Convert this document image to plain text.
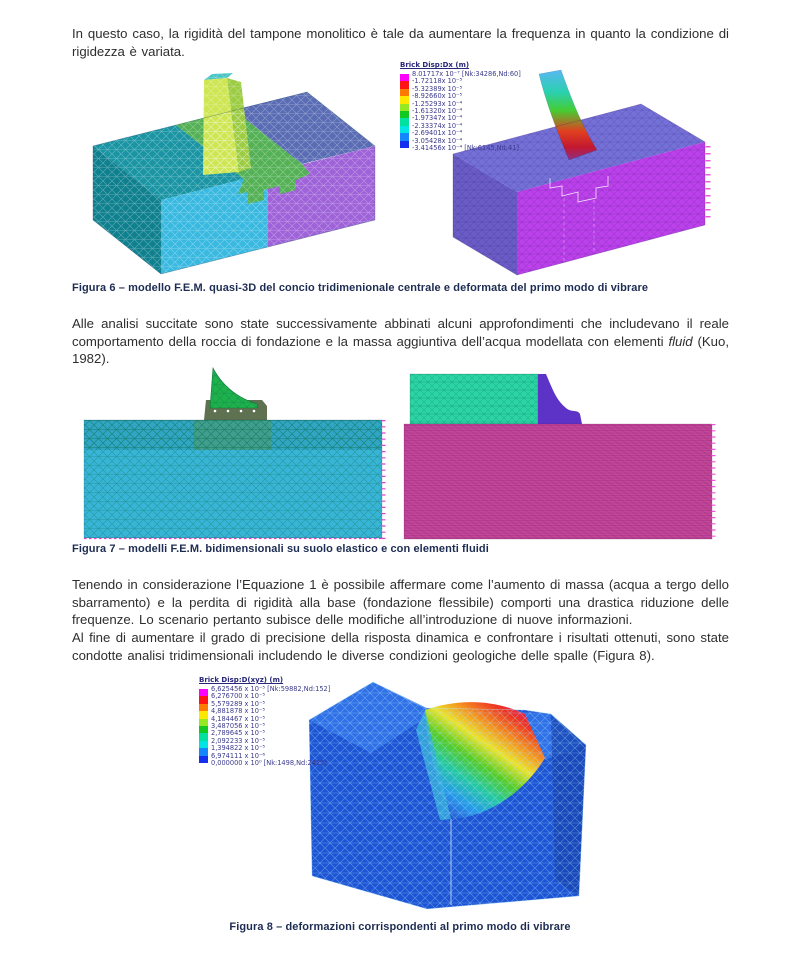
In questo caso, la rigidità del tampone monolitico è tale da aumentare la frequenza in quanto la condizione di rigidezza è variata.

Brick Disp:Dx (m)
8.01717x 10⁻⁷ [Nk:34286,Nd:60]
-1.72118x 10⁻⁵
-5.32389x 10⁻⁵
-8.92660x 10⁻⁵
-1.25293x 10⁻⁴
-1.61320x 10⁻⁴
-1.97347x 10⁻⁴
-2.33374x 10⁻⁴
-2.69401x 10⁻⁴
-3.05428x 10⁻⁴
-3.41456x 10⁻⁴ [Nk:6145,Nd:41]

Figura 6 – modello F.E.M. quasi-3D del concio tridimenionale centrale e deformata del primo modo di vibrare

Alle analisi succitate sono state successivamente abbinati alcuni approfondimenti che includevano il reale comportamento della roccia di fondazione e la massa aggiuntiva dell’acqua modellata con elementi fluid (Kuo, 1982).

Figura 7 – modelli F.E.M. bidimensionali su suolo elastico e con elementi fluidi

Tenendo in considerazione l’Equazione 1 è possibile affermare come l’aumento di massa (acqua a tergo dello sbarramento) e la perdita di rigidità alla base (fondazione flessibile) comporti una drastica riduzione delle frequenze. Lo scenario pertanto subisce delle modifiche all’introduzione di nuove informazioni.

Al fine di aumentare il grado di precisione della risposta dinamica e confrontare i risultati ottenuti, sono state condotte analisi tridimensionali includendo le diverse condizioni geologiche delle spalle (Figura 8).

Brick Disp:D(xyz) (m)
6,625456 x 10⁻⁵ [Nk:59882,Nd:152]
6,276700 x 10⁻⁵
5,579289 x 10⁻⁵
4,881878 x 10⁻⁵
4,184467 x 10⁻⁵
3,487056 x 10⁻⁵
2,789645 x 10⁻⁵
2,092233 x 10⁻⁵
1,394822 x 10⁻⁵
6,974111 x 10⁻⁶
0,000000 x 10⁰ [Nk:1498,Nd:2425]

Figura 8 – deformazioni corrispondenti al primo modo di vibrare
